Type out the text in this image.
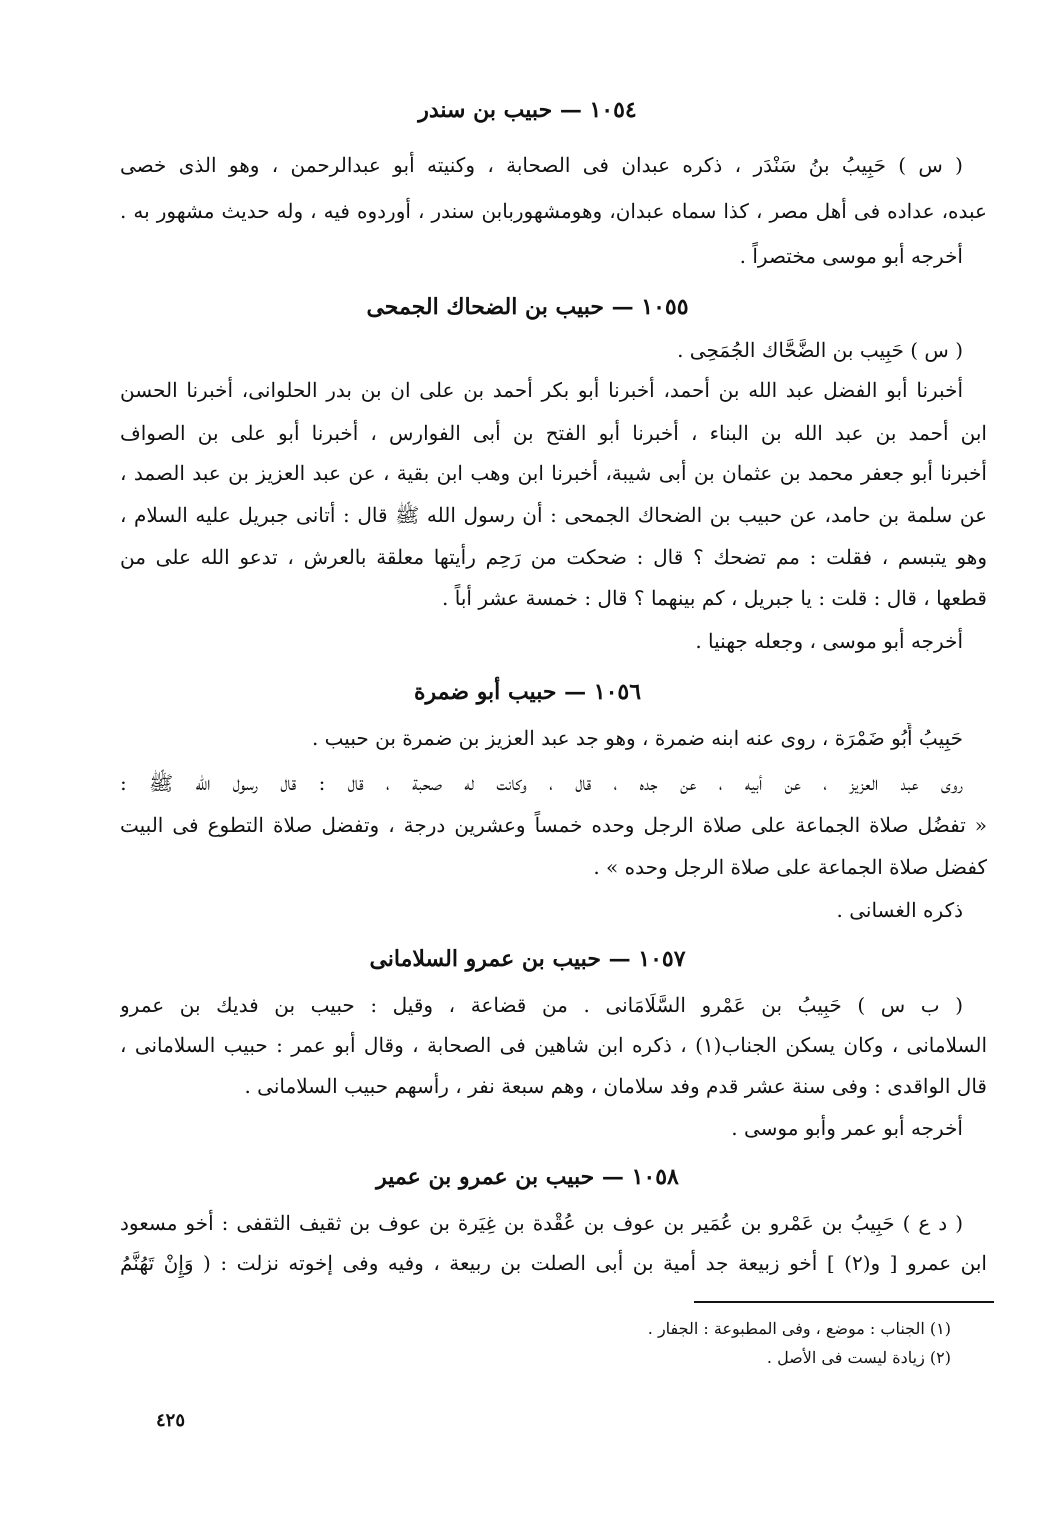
١٠٥٤ — حبيب بن سندر
( س ) حَبِيبُ بنُ سَنْدَر ، ذكره عبدان فى الصحابة ، وكنيته أبو عبدالرحمن ، وهو الذى خصى
عبده، عداده فى أهل مصر ، كذا سماه عبدان، وهومشهوربابن سندر ، أوردوه فيه ، وله حديث مشهور به .
أخرجه أبو موسى مختصراً .
١٠٥٥ — حبيب بن الضحاك الجمحى
( س ) حَبِيب بن الضَّحَّاك الجُمَحِى .
أخبرنا أبو الفضل عبد الله بن أحمد، أخبرنا أبو بكر أحمد بن على ان بن بدر الحلوانى، أخبرنا الحسن
ابن أحمد بن عبد الله بن البناء ، أخبرنا أبو الفتح بن أبى الفوارس ، أخبرنا أبو على بن الصواف
أخبرنا أبو جعفر محمد بن عثمان بن أبى شيبة، أخبرنا ابن وهب ابن بقية ، عن عبد العزيز بن عبد الصمد ،
عن سلمة بن حامد، عن حبيب بن الضحاك الجمحى : أن رسول الله ﷺ قال : أتانى جبريل عليه السلام ،
وهو يتبسم ، فقلت : مم تضحك ؟ قال : ضحكت من رَحِم رأيتها معلقة بالعرش ، تدعو الله على من
قطعها ، قال : قلت : يا جبريل ، كم بينهما ؟ قال : خمسة عشر أباً .
أخرجه أبو موسى ، وجعله جهنيا .
١٠٥٦ — حبيب أبو ضمرة
حَبِيبُ أَبُو ضَمْرَة ، روى عنه ابنه ضمرة ، وهو جد عبد العزيز بن ضمرة بن حبيب .
روى عبد العزيز ، عن أبيه ، عن جده ، قال ، وكانت له صحبة ، قال : قال رسول الله ﷺ :
« تفضُل صلاة الجماعة على صلاة الرجل وحده خمساً وعشرين درجة ، وتفضل صلاة التطوع فى البيت
كفضل صلاة الجماعة على صلاة الرجل وحده » .
ذكره الغسانى .
١٠٥٧ — حبيب بن عمرو السلامانى
( ب س ) حَبِيبُ بن عَمْرو السَّلَامَانى . من قضاعة ، وقيل : حبيب بن فديك بن عمرو
السلامانى ، وكان يسكن الجناب(١) ، ذكره ابن شاهين فى الصحابة ، وقال أبو عمر : حبيب السلامانى ،
قال الواقدى : وفى سنة عشر قدم وفد سلامان ، وهم سبعة نفر ، رأسهم حبيب السلامانى .
أخرجه أبو عمر وأبو موسى .
١٠٥٨ — حبيب بن عمرو بن عمير
( د ع ) حَبِيبُ بن عَمْرو بن عُمَير بن عوف بن عُقْدة بن غِيَرة بن عوف بن ثقيف الثقفى : أخو مسعود
ابن عمرو [ و(٢) ] أخو زبيعة جد أمية بن أبى الصلت بن ربيعة ، وفيه وفى إخوته نزلت : ( وَإِنْ تَهُنَّمُ
(١) الجناب : موضع ، وفى المطبوعة : الجفار .
(٢) زيادة ليست فى الأصل .
٤٢٥
